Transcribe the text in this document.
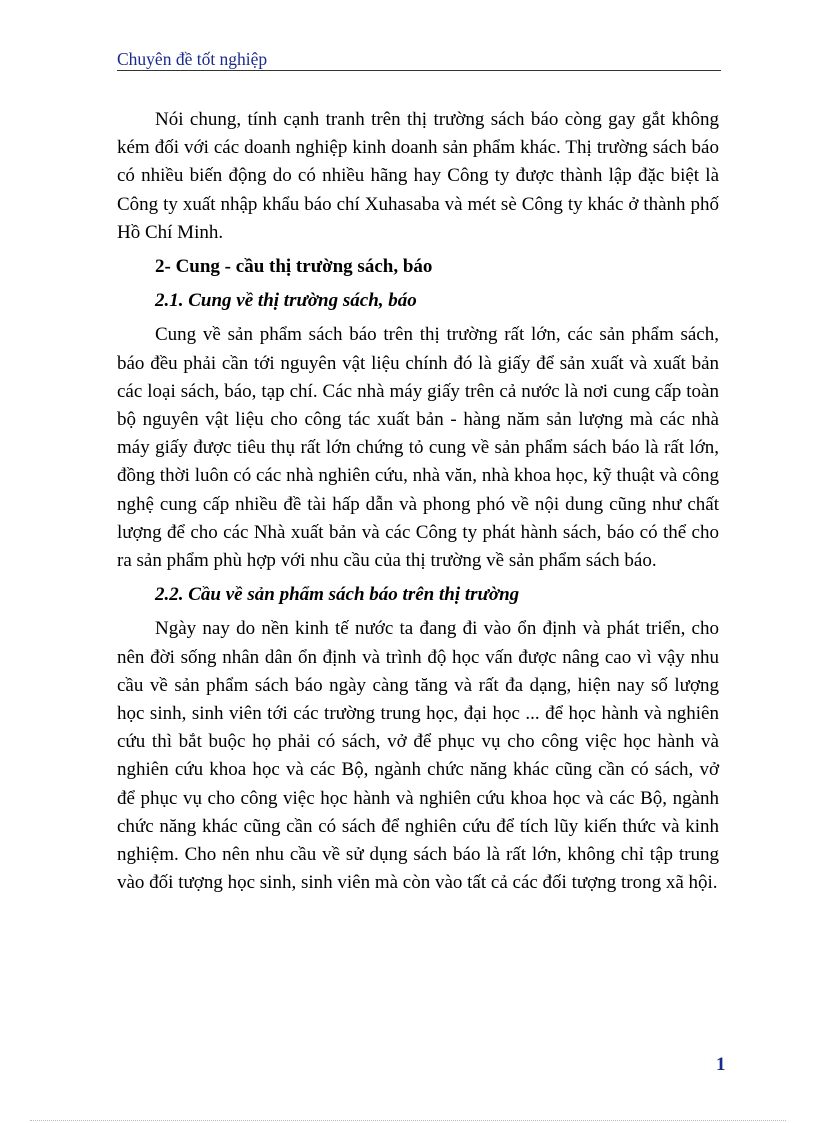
Chuyên đề tốt nghiệp

Nói chung, tính cạnh tranh trên thị trường sách báo còng gay gắt không kém đối với các doanh nghiệp kinh doanh sản phẩm khác. Thị trường sách báo có nhiều biến động do có nhiều hãng hay Công ty được thành lập đặc biệt là Công ty xuất nhập khẩu báo chí Xuhasaba và mét sè Công ty khác ở thành phố Hồ Chí Minh.

2- Cung - cầu thị trường sách, báo

2.1. Cung về thị trường sách, báo

Cung về sản phẩm sách báo trên thị trường rất lớn, các sản phẩm sách, báo đều phải cần tới nguyên vật liệu chính đó là giấy để sản xuất và xuất bản các loại sách, báo, tạp chí. Các nhà máy giấy trên cả nước là nơi cung cấp toàn bộ nguyên vật liệu cho công tác xuất bản - hàng năm sản lượng mà các nhà máy giấy được tiêu thụ rất lớn chứng tỏ cung về sản phẩm sách báo là rất lớn, đồng thời luôn có các nhà nghiên cứu, nhà văn, nhà khoa học, kỹ thuật và công nghệ cung cấp nhiều đề tài hấp dẫn và phong phó về nội dung cũng như chất lượng để cho các Nhà xuất bản và các Công ty phát hành sách, báo có thể cho ra sản phẩm phù hợp với nhu cầu của thị trường về sản phẩm sách báo.

2.2. Cầu về sản phẩm sách báo trên thị trường

Ngày nay do nền kinh tế nước ta đang đi vào ổn định và phát triển, cho nên đời sống nhân dân ổn định và trình độ học vấn được nâng cao vì vậy nhu cầu về sản phẩm sách báo ngày càng tăng và rất đa dạng, hiện nay số lượng học sinh, sinh viên tới các trường trung học, đại học ... để học hành và nghiên cứu thì bắt buộc họ phải có sách, vở để phục vụ cho công việc học hành và nghiên cứu khoa học và các Bộ, ngành chức năng khác cũng cần có sách, vở để phục vụ cho công việc học hành và nghiên cứu khoa học và các Bộ, ngành chức năng khác cũng cần có sách để nghiên cứu để tích lũy kiến thức và kinh nghiệm. Cho nên nhu cầu về sử dụng sách báo là rất lớn, không chỉ tập trung vào đối tượng học sinh, sinh viên mà còn vào tất cả các đối tượng trong xã hội.

1
